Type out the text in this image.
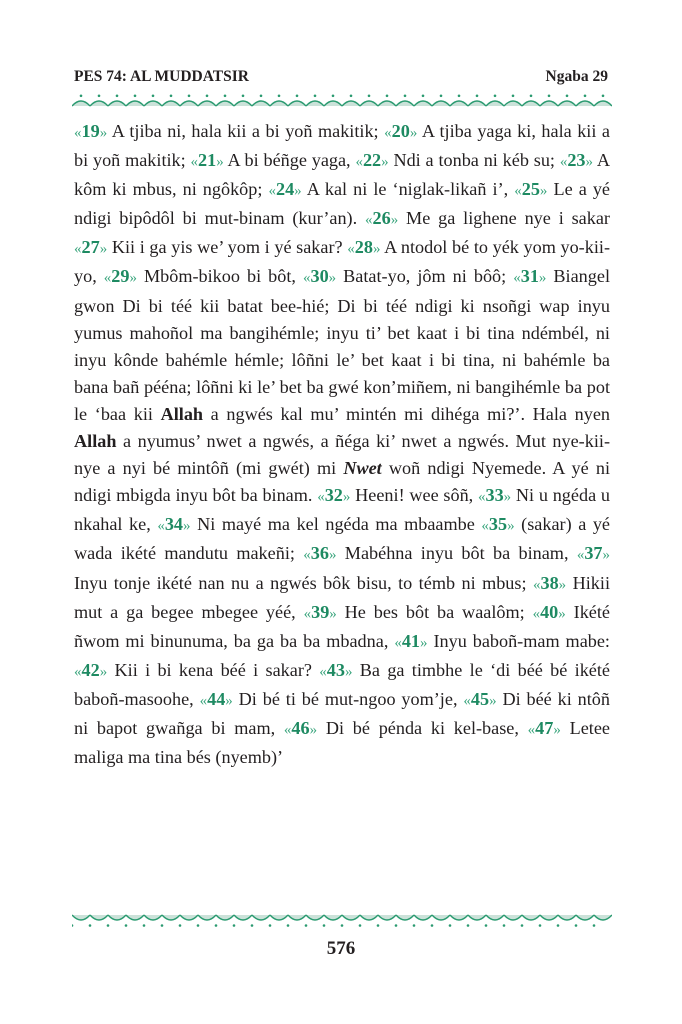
PES 74: AL MUDDATSIR	Ngaba 29
«19» A tjiba ni, hala kii a bi yoñ makitik; «20» A tjiba yaga ki, hala kii a bi yoñ makitik; «21» A bi béñge yaga, «22» Ndi a tonba ni kéb su; «23» A kôm ki mbus, ni ngôkôp; «24» A kal ni le ‘niglak-likañ i’, «25» Le a yé ndigi bipôdôl bi mut-binam (kur’an). «26» Me ga lighene nye i sakar «27» Kii i ga yis we’ yom i yé sakar? «28» A ntodol bé to yék yom yo-kii-yo, «29» Mbôm-bikoo bi bôt, «30» Batat-yo, jôm ni bôô; «31» Biangel gwon Di bi téé kii batat bee-hié; Di bi téé ndigi ki nsoñgi wap inyu yumus mahoñol ma bangihémle; inyu ti’ bet kaat i bi tina ndémbél, ni inyu kônde bahémle hémle; lôñni le’ bet kaat i bi tina, ni bahémle ba bana bañ pééna; lôñni ki le’ bet ba gwé kon’miñem, ni bangihémle ba pot le ‘baa kii Allah a ngwés kal mu’ mintén mi dihéga mi?’. Hala nyen Allah a nyumus’ nwet a ngwés, a ñéga ki’ nwet a ngwés. Mut nye-kii-nye a nyi bé mintôñ (mi gwét) mi Nwet woñ ndigi Nyemede. A yé ni ndigi mbigda inyu bôt ba binam. «32» Heeni! wee sôñ, «33» Ni u ngéda u nkahal ke, «34» Ni mayé ma kel ngéda ma mbaambe «35» (sakar) a yé wada ikété mandutu makeñi; «36» Mabéhna inyu bôt ba binam, «37» Inyu tonje ikété nan nu a ngwés bôk bisu, to témb ni mbus; «38» Hikii mut a ga begee mbegee yéé, «39» He bes bôt ba waalôm; «40» Ikété ñwom mi binunuma, ba ga ba ba mbadna, «41» Inyu baboñ-mam mabe: «42» Kii i bi kena béé i sakar? «43» Ba ga timbhe le ‘di béé bé ikété baboñ-masoohe, «44» Di bé ti bé mut-ngoo yom’je, «45» Di béé ki ntôñ ni bapot gwañga bi mam, «46» Di bé pénda ki kel-base, «47» Letee maliga ma tina bés (nyemb)’
576
